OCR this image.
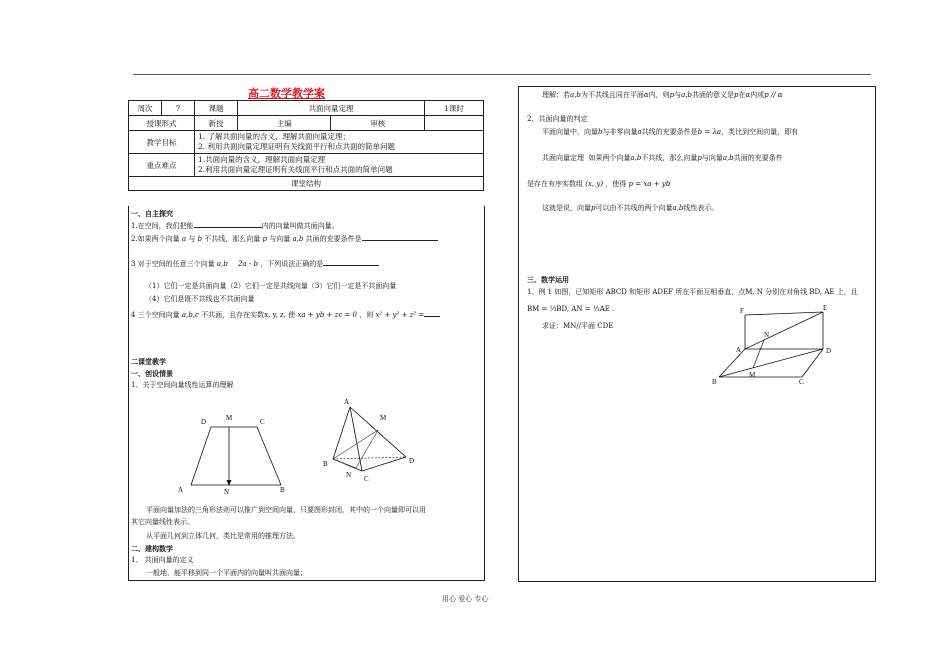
高二数学教学案
周次	7	课题	共面向量定理		1课时
授课形式		新授	主编	审核	
教学目标		1. 了解共面向量的含义，理解共面向量定理；
2. 利用共面向量定理证明有关线面平行和点共面的简单问题			

重点难点		1.共面向量的含义，理解共面向量定理
2.利用共面向量定理证明有关线面平行和点共面的简单问题			

课堂结构					
一、自主探究
1.在空间，我们把能	内的向量叫做共面向量。
2.如果两个向量 a 与 b 不共线，那么向量 p 与向量 a,b 共面的充要条件是
3 对于空间的任意三个向量 a,b 2a - b ，下列说法正确的是
（1）它们一定是共面向量（2）它们一定是共线向量（3）它们一定是不共面向量
（4）它们是既不共线也不共面向量
4 三个空间向量 a,b,c 不共面，且存在实数x, y, z, 使 xa + yb + zc = 0 ，则 x² + y² + z² =
二课堂教学
一、创设情景
1、关于空间向量线性运算的理解
D	M	C
A	N	B
A
M
B
N C
D
平面向量加法的三角形法则可以推广到空间向量，只要图形封闭，其中的一个向量即可以用
其它向量线性表示。
从平面几何到立体几何，类比是常用的推理方法。
二、建构数学
1、 共面向量的定义
一般地，能平移到同一个平面内的向量叫共面向量；
理解：若a,b为不共线且同在平面α内，则p与a,b共面的意义是p在α内或p // α
2、共面向量的判定
平面向量中，向量b与非零向量a共线的充要条件是b = λa，类比到空间向量，即有
共面向量定理 如果两个向量a,b不共线，那么向量p与向量a,b共面的充要条件
是存在有序实数组 (x, y) ，使得 p = xa + yb
这就是说，向量p可以由不共线的两个向量a,b线性表示。
三、数学运用
1、例 1 如图，已知矩形 ABCD 和矩形 ADEF 所在平面互相垂直，点M, N 分别在对角线 BD, AE 上，且
BM = ⅓BD, AN = ⅓AE .
求证：MN//平面 CDE
F	E
N
A	D
M
B	C
用心 爱心 专心
